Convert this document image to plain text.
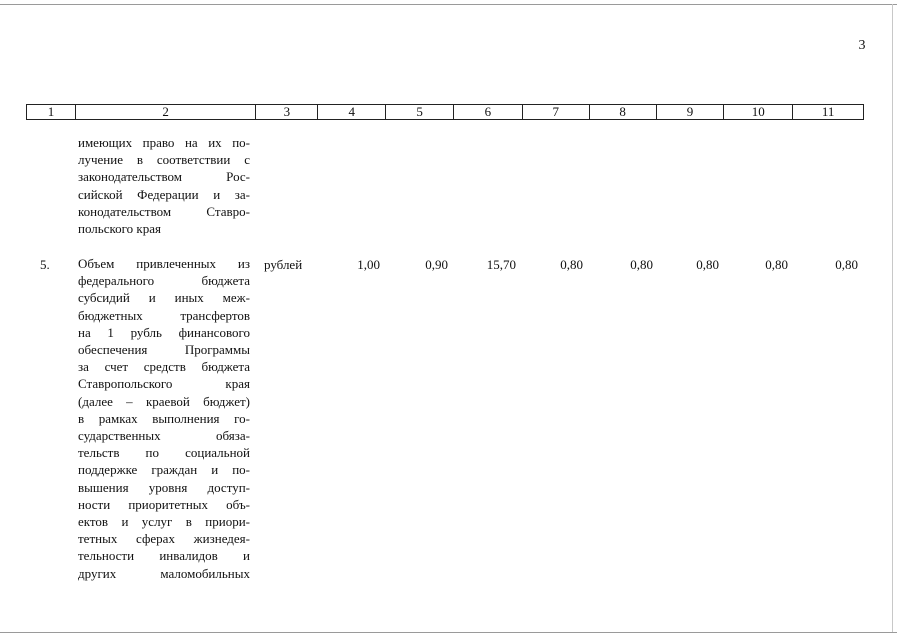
3
1	2	3	4	5	6	7	8	9	10	11
имеющих право на их по-
лучение в соответствии с
законодательством Рос-
сийской Федерации и за-
конодательством Ставро-
польского края
5. Объем привлеченных из
федерального бюджета
субсидий и иных меж-
бюджетных трансфертов
на 1 рубль финансового
обеспечения Программы
за счет средств бюджета
Ставропольского края
(далее – краевой бюджет)
в рамках выполнения го-
сударственных обяза-
тельств по социальной
поддержке граждан и по-
вышения уровня доступ-
ности приоритетных объ-
ектов и услуг в приори-
тетных сферах жизнедея-
тельности инвалидов и
других маломобильных
рублей	1,00	0,90	15,70	0,80	0,80	0,80	0,80	0,80
